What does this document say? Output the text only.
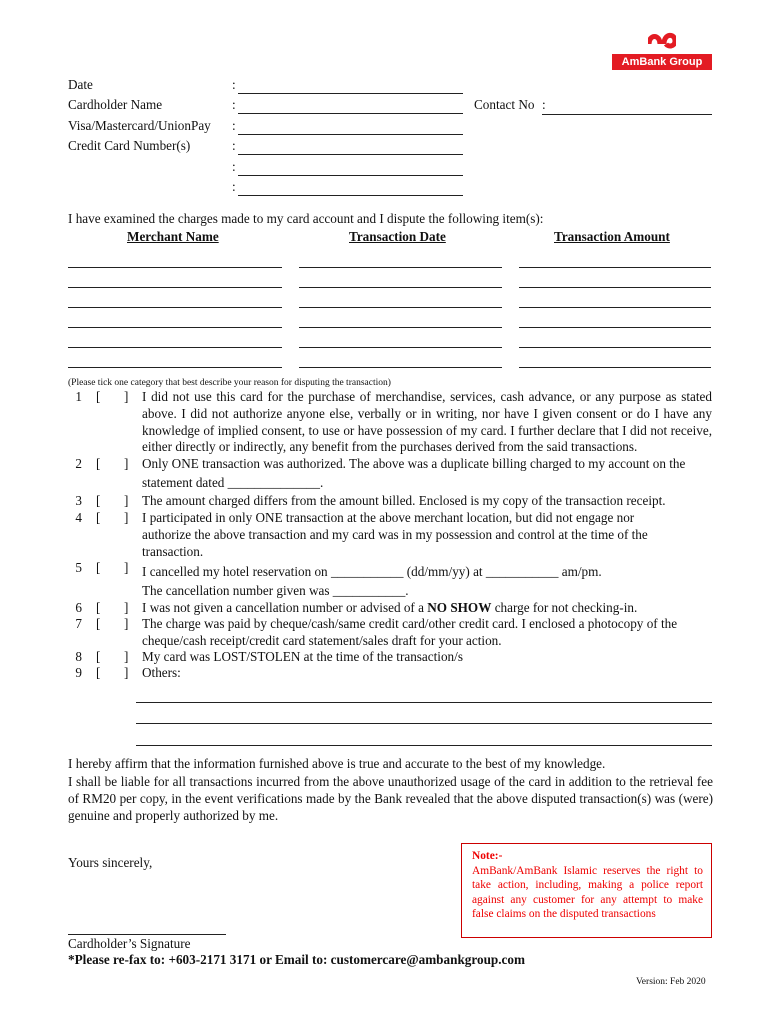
AmBank Group
Date	:
Cardholder Name	:	Contact No :
Visa/Mastercard/UnionPay :
Credit Card Number(s)	:
:
:
I have examined the charges made to my card account and I dispute the following item(s):
Merchant Name	Transaction Date	Transaction Amount
(Please tick one category that best describe your reason for disputing the transaction)
1 [ ] I did not use this card for the purchase of merchandise, services, cash advance, or any purpose as stated above. I did not authorize anyone else, verbally or in writing, nor have I given consent or do I have any knowledge of implied consent, to use or have possession of my card. I further declare that I did not receive, either directly or indirectly, any benefit from the purchases derived from the said transactions.
2 [ ] Only ONE transaction was authorized. The above was a duplicate billing charged to my account on the
statement dated ______________.
3 [ ] The amount charged differs from the amount billed. Enclosed is my copy of the transaction receipt.
4 [ ] I participated in only ONE transaction at the above merchant location, but did not engage nor authorize the above transaction and my card was in my possession and control at the time of the transaction.
5 [ ] I cancelled my hotel reservation on ___________ (dd/mm/yy) at ___________ am/pm.
The cancellation number given was ___________.
6 [ ] I was not given a cancellation number or advised of a NO SHOW charge for not checking-in.
7 [ ] The charge was paid by cheque/cash/same credit card/other credit card. I enclosed a photocopy of the cheque/cash receipt/credit card statement/sales draft for your action.
8 [ ] My card was LOST/STOLEN at the time of the transaction/s
9 [ ] Others:
I hereby affirm that the information furnished above is true and accurate to the best of my knowledge.
I shall be liable for all transactions incurred from the above unauthorized usage of the card in addition to the retrieval fee of RM20 per copy, in the event verifications made by the Bank revealed that the above disputed transaction(s) was (were) genuine and properly authorized by me.
Yours sincerely,
Cardholder’s Signature
*Please re-fax to: +603-2171 3171 or Email to: customercare@ambankgroup.com
Note:-
AmBank/AmBank Islamic reserves the right to take action, including, making a police report against any customer for any attempt to make false claims on the disputed transactions
Version: Feb 2020
